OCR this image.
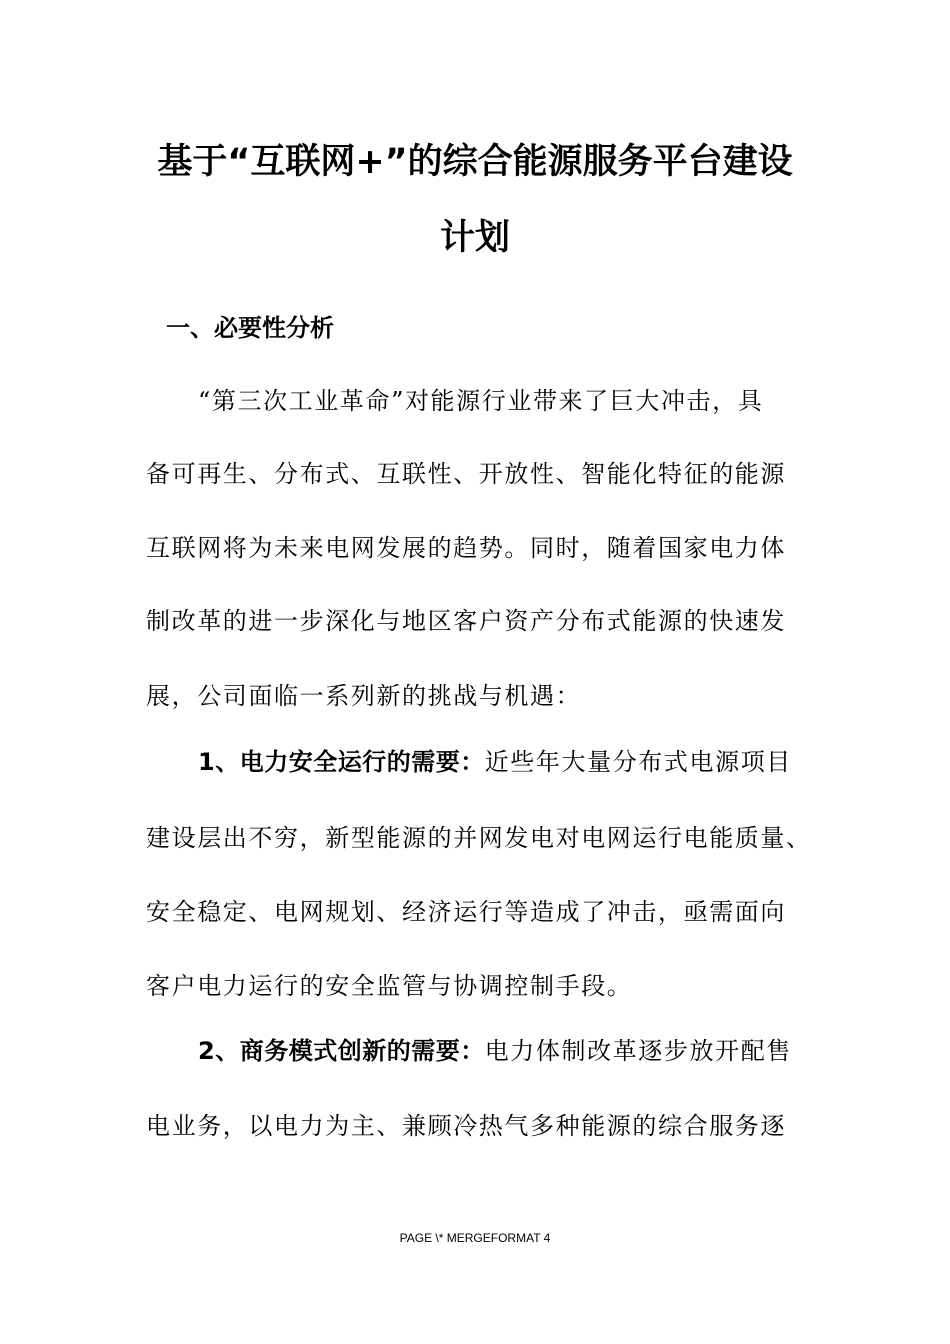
基于“互联网+”的综合能源服务平台建设
计划
一、必要性分析

“第三次工业革命”对能源行业带来了巨大冲击，具

备可再生、分布式、互联性、开放性、智能化特征的能源

互联网将为未来电网发展的趋势。同时，随着国家电力体

制改革的进一步深化与地区客户资产分布式能源的快速发

展，公司面临一系列新的挑战与机遇：

1、电力安全运行的需要：近些年大量分布式电源项目

建设层出不穷，新型能源的并网发电对电网运行电能质量、

安全稳定、电网规划、经济运行等造成了冲击，亟需面向

客户电力运行的安全监管与协调控制手段。

2、商务模式创新的需要：电力体制改革逐步放开配售

电业务，以电力为主、兼顾冷热气多种能源的综合服务逐

PAGE \* MERGEFORMAT 4
